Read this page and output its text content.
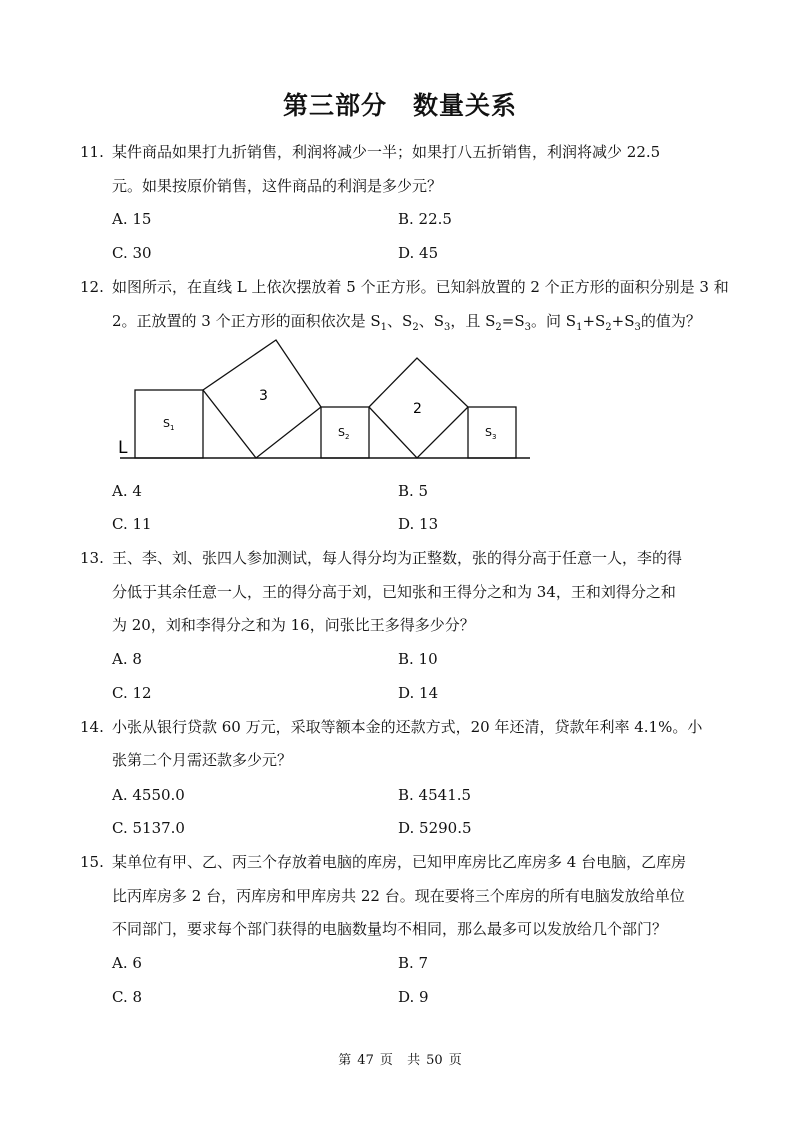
第三部分　数量关系
11. 某件商品如果打九折销售，利润将减少一半；如果打八五折销售，利润将减少 22.5
元。如果按原价销售，这件商品的利润是多少元？
A. 15	B. 22.5
C. 30	D. 45
12. 如图所示，在直线 L 上依次摆放着 5 个正方形。已知斜放置的 2 个正方形的面积分别是 3 和
2。正放置的 3 个正方形的面积依次是 $S_1$、$S_2$、$S_3$，且 $S_2=S_3$。问 $S_1+S_2+S_3$的值为？
L
$S_1$
3
$S_2$
2
$S_3$
A. 4	B. 5
C. 11	D. 13
13. 王、李、刘、张四人参加测试，每人得分均为正整数，张的得分高于任意一人，李的得
分低于其余任意一人，王的得分高于刘，已知张和王得分之和为 34，王和刘得分之和
为 20，刘和李得分之和为 16，问张比王多得多少分？
A. 8	B. 10
C. 12	D. 14
14. 小张从银行贷款 60 万元，采取等额本金的还款方式，20 年还清，贷款年利率 4.1%。小
张第二个月需还款多少元？
A. 4550.0	B. 4541.5
C. 5137.0	D. 5290.5
15. 某单位有甲、乙、丙三个存放着电脑的库房，已知甲库房比乙库房多 4 台电脑，乙库房
比丙库房多 2 台，丙库房和甲库房共 22 台。现在要将三个库房的所有电脑发放给单位
不同部门，要求每个部门获得的电脑数量均不相同，那么最多可以发放给几个部门？
A. 6	B. 7
C. 8	D. 9
第 47 页 共 50 页
